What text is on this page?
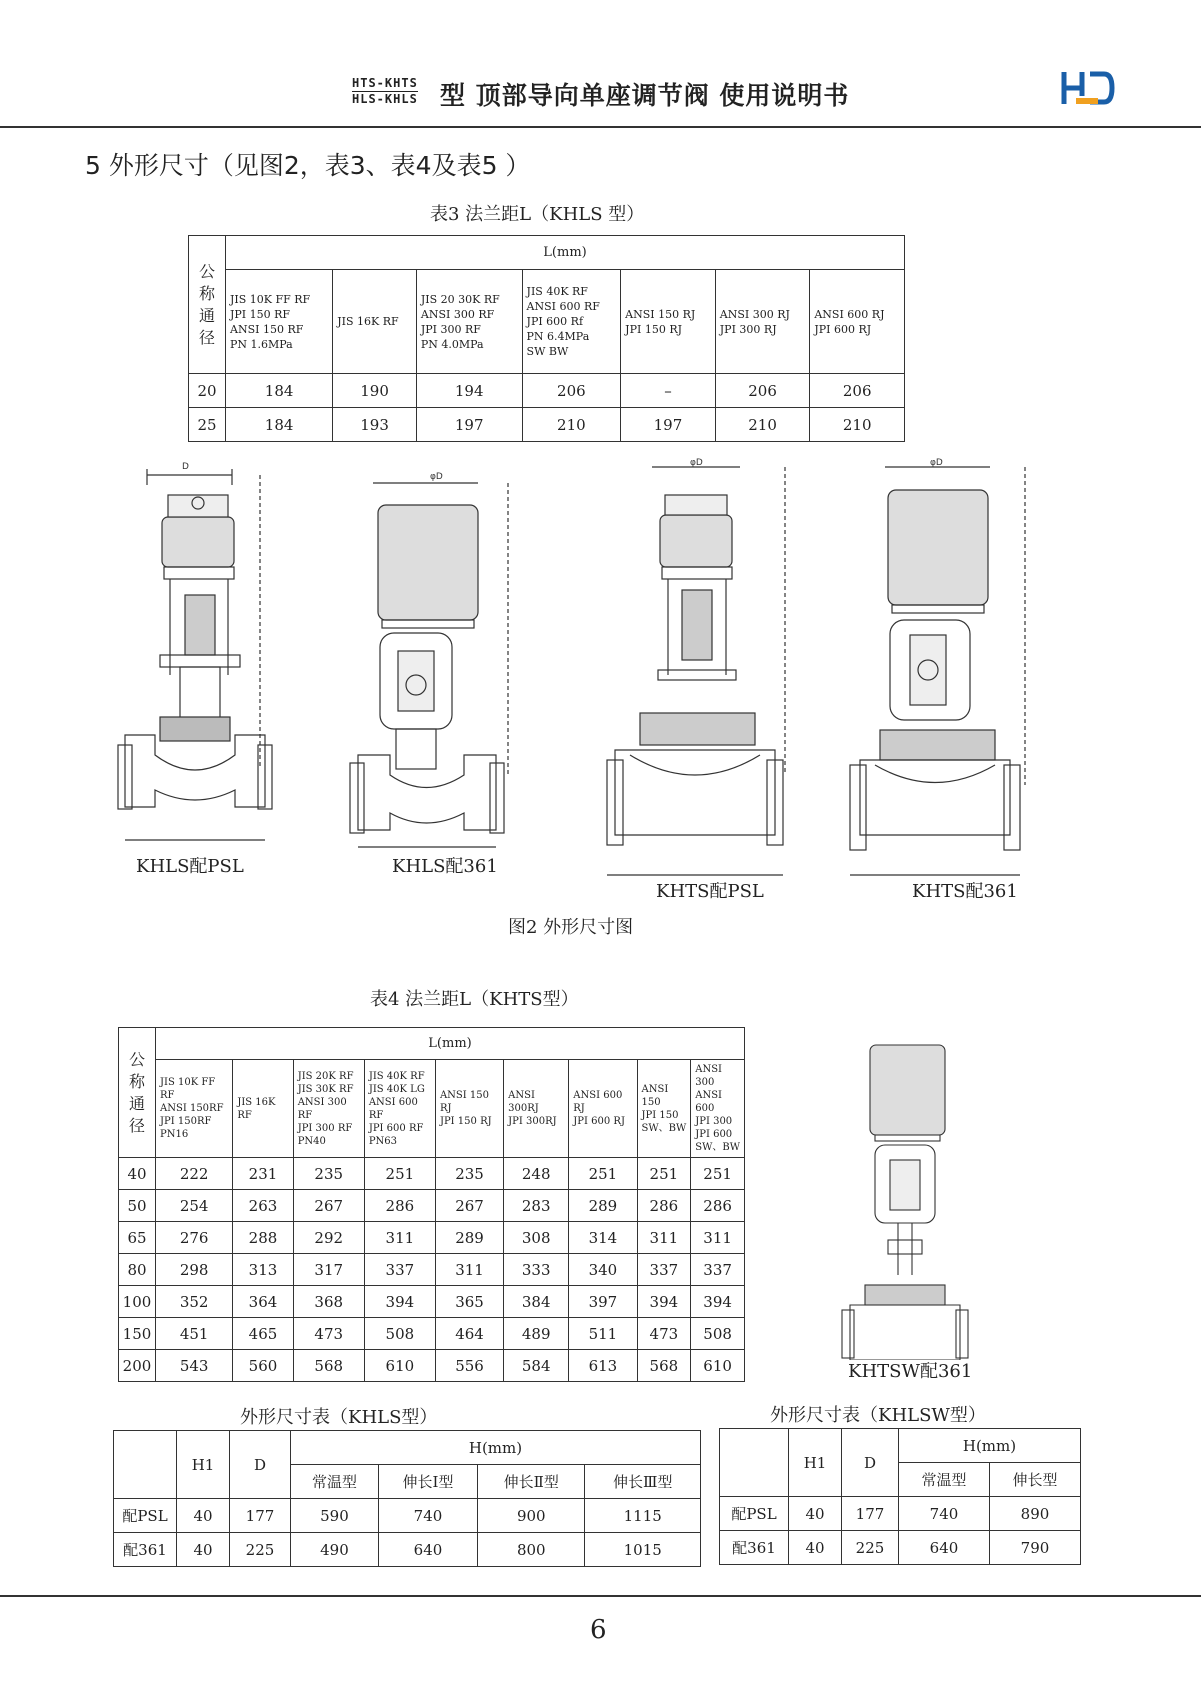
HTS-KHTS
HLS-KHLS 型 顶部导向单座调节阀 使用说明书
5 外形尺寸（见图2，表3、表4及表5 ）
表3 法兰距L（KHLS 型）
公称通径	L(mm)						
	JIS 10K FF RF
JPI 150 RF
ANSI 150 RF
PN 1.6MPa	JIS 16K RF	JIS 20 30K RF
ANSI 300 RF
JPI 300 RF
PN 4.0MPa	JIS 40K RF
ANSI 600 RF
JPI 600 Rf
PN 6.4MPa
SW BW	ANSI 150 RJ
JPI 150 RJ	ANSI 300 RJ
JPI 300 RJ	ANSI 600 RJ
JPI 600 RJ
20	184	190	194	206	–	206	206
25	184	193	197	210	197	210	210
D
φD
φD	φD
KHLS配PSL	KHLS配361
KHTS配PSL	KHTS配361
图2 外形尺寸图
表4 法兰距L（KHTS型）
公称通径	L(mm)								
	JIS 10K FF RF
ANSI 150RF
JPI 150RF
PN16	JIS 16K RF	JIS 20K RF
JIS 30K RF
ANSI 300 RF
JPI 300 RF
PN40	JIS 40K RF
JIS 40K LG
ANSI 600 RF
JPI 600 RF
PN63	ANSI 150 RJ
JPI 150 RJ	ANSI 300RJ
JPI 300RJ	ANSI 600 RJ
JPI 600 RJ	ANSI 150
JPI 150
SW、BW	ANSI 300
ANSI 600
JPI 300
JPI 600
SW、BW
40	222	231	235	251	235	248	251	251	251
50	254	263	267	286	267	283	289	286	286
65	276	288	292	311	289	308	314	311	311
80	298	313	317	337	311	333	340	337	337
100	352	364	368	394	365	384	397	394	394
150	451	465	473	508	464	489	511	473	508
200	543	560	568	610	556	584	613	568	610	KHTSW配361
外形尺寸表（KHLS型）
	H1	D	H(mm)			
			常温型	伸长Ⅰ型	伸长Ⅱ型	伸长Ⅲ型
配PSL	40	177	590	740	900	1115
配361	40	225	490	640	800	1015
外形尺寸表（KHLSW型）
	H1	D	H(mm)	
			常温型	伸长型
配PSL	40	177	740	890
配361	40	225	640	790
6
